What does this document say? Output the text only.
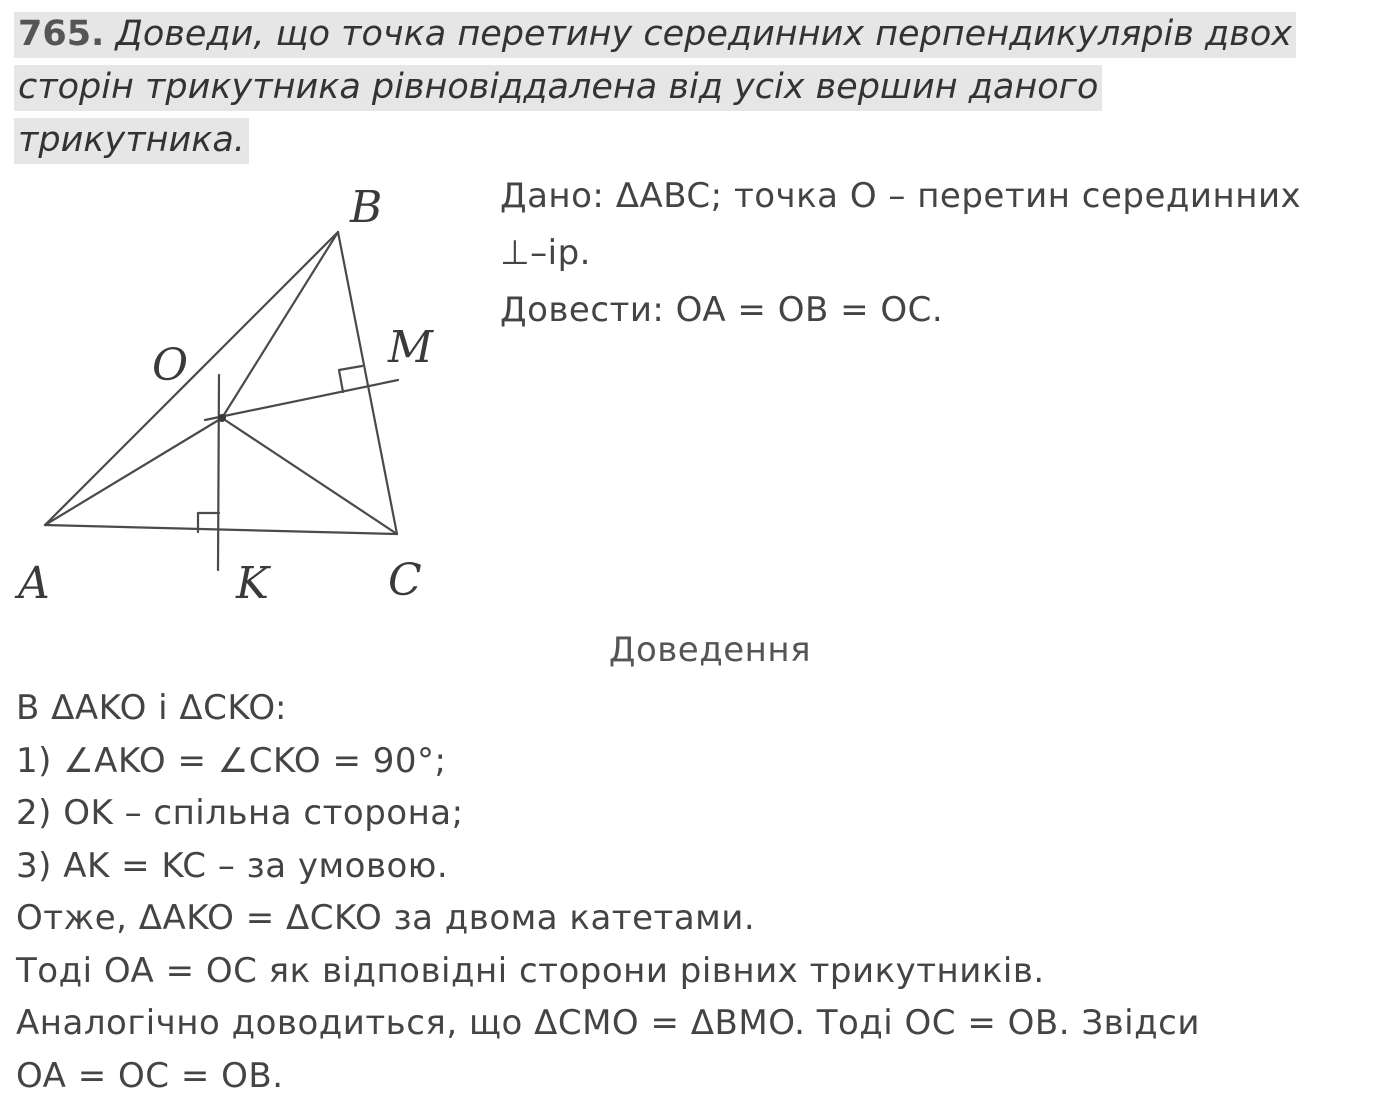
765. Доведи, що точка перетину серединних перпендикулярів двох
сторін трикутника рівновіддалена від усіх вершин даного
трикутника.
A
B
C
K
M
O
Дано: ΔABC; точка O – перетин серединних
⊥–ір.
Довести: OA = OB = OC.
Доведення
В ΔAKO і ΔCKO:
1) ∠AKO = ∠CKO = 90°;
2) OK – спільна сторона;
3) AK = KC – за умовою.
Отже, ΔAKO = ΔCKO за двома катетами.
Тоді OA = OC як відповідні сторони рівних трикутників.
Аналогічно доводиться, що ΔCMO = ΔBMO. Тоді OC = OB. Звідси
OA = OC = OB.
